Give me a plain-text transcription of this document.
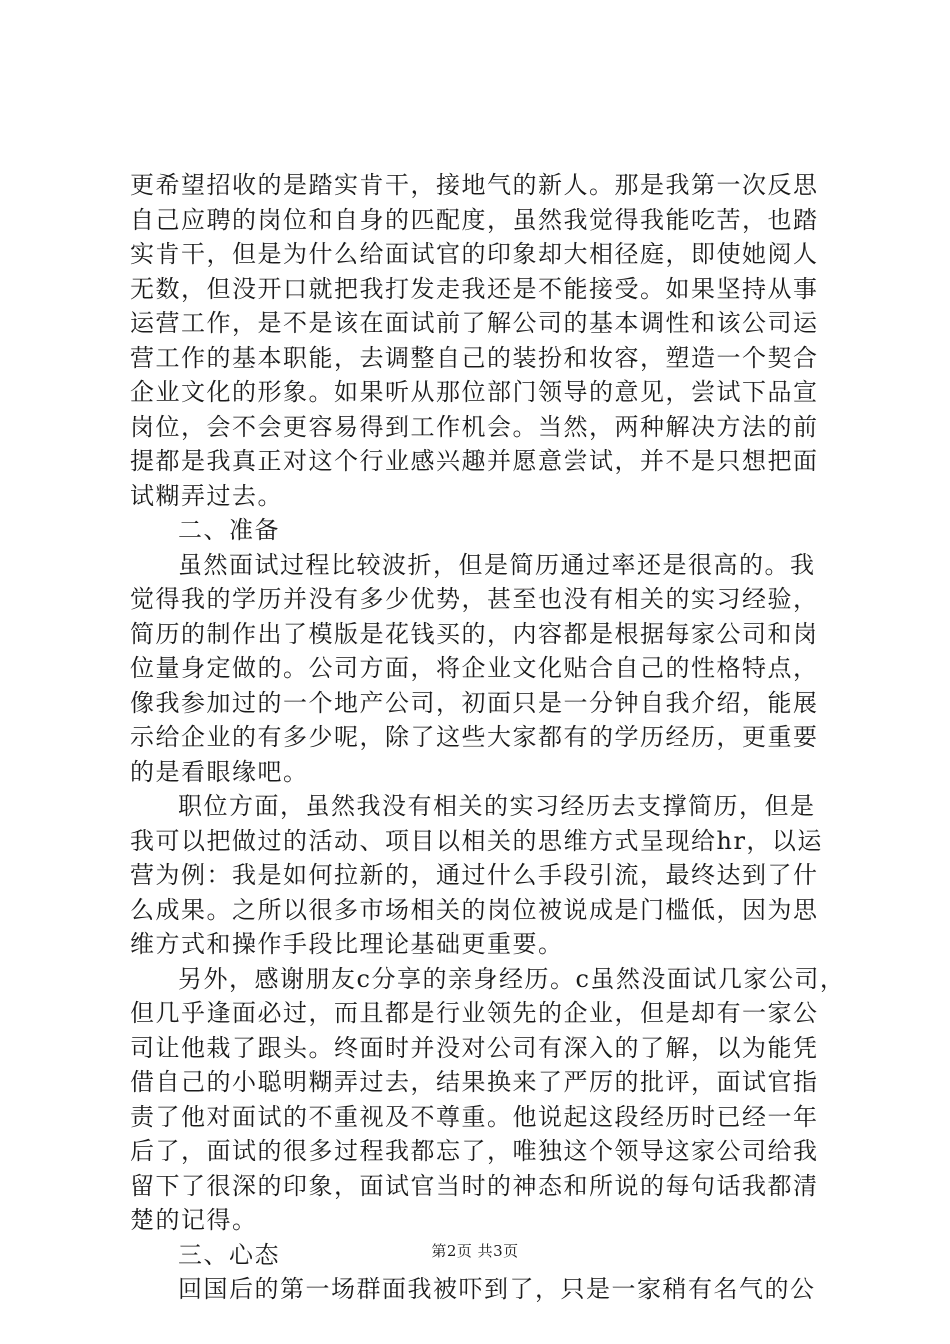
更希望招收的是踏实肯干，接地气的新人。那是我第一次反思
自己应聘的岗位和自身的匹配度，虽然我觉得我能吃苦，也踏
实肯干，但是为什么给面试官的印象却大相径庭，即使她阅人
无数，但没开口就把我打发走我还是不能接受。如果坚持从事
运营工作，是不是该在面试前了解公司的基本调性和该公司运
营工作的基本职能，去调整自己的装扮和妆容，塑造一个契合
企业文化的形象。如果听从那位部门领导的意见，尝试下品宣
岗位，会不会更容易得到工作机会。当然，两种解决方法的前
提都是我真正对这个行业感兴趣并愿意尝试，并不是只想把面
试糊弄过去。
二、准备
虽然面试过程比较波折，但是简历通过率还是很高的。我
觉得我的学历并没有多少优势，甚至也没有相关的实习经验，
简历的制作出了模版是花钱买的，内容都是根据每家公司和岗
位量身定做的。公司方面，将企业文化贴合自己的性格特点，
像我参加过的一个地产公司，初面只是一分钟自我介绍，能展
示给企业的有多少呢，除了这些大家都有的学历经历，更重要
的是看眼缘吧。
职位方面，虽然我没有相关的实习经历去支撑简历，但是
我可以把做过的活动、项目以相关的思维方式呈现给hr，以运
营为例：我是如何拉新的，通过什么手段引流，最终达到了什
么成果。之所以很多市场相关的岗位被说成是门槛低，因为思
维方式和操作手段比理论基础更重要。
另外，感谢朋友c分享的亲身经历。c虽然没面试几家公司，
但几乎逢面必过，而且都是行业领先的企业，但是却有一家公
司让他栽了跟头。终面时并没对公司有深入的了解，以为能凭
借自己的小聪明糊弄过去，结果换来了严厉的批评，面试官指
责了他对面试的不重视及不尊重。他说起这段经历时已经一年
后了，面试的很多过程我都忘了，唯独这个领导这家公司给我
留下了很深的印象，面试官当时的神态和所说的每句话我都清
楚的记得。
三、心态
回国后的第一场群面我被吓到了，只是一家稍有名气的公
第2页 共3页
